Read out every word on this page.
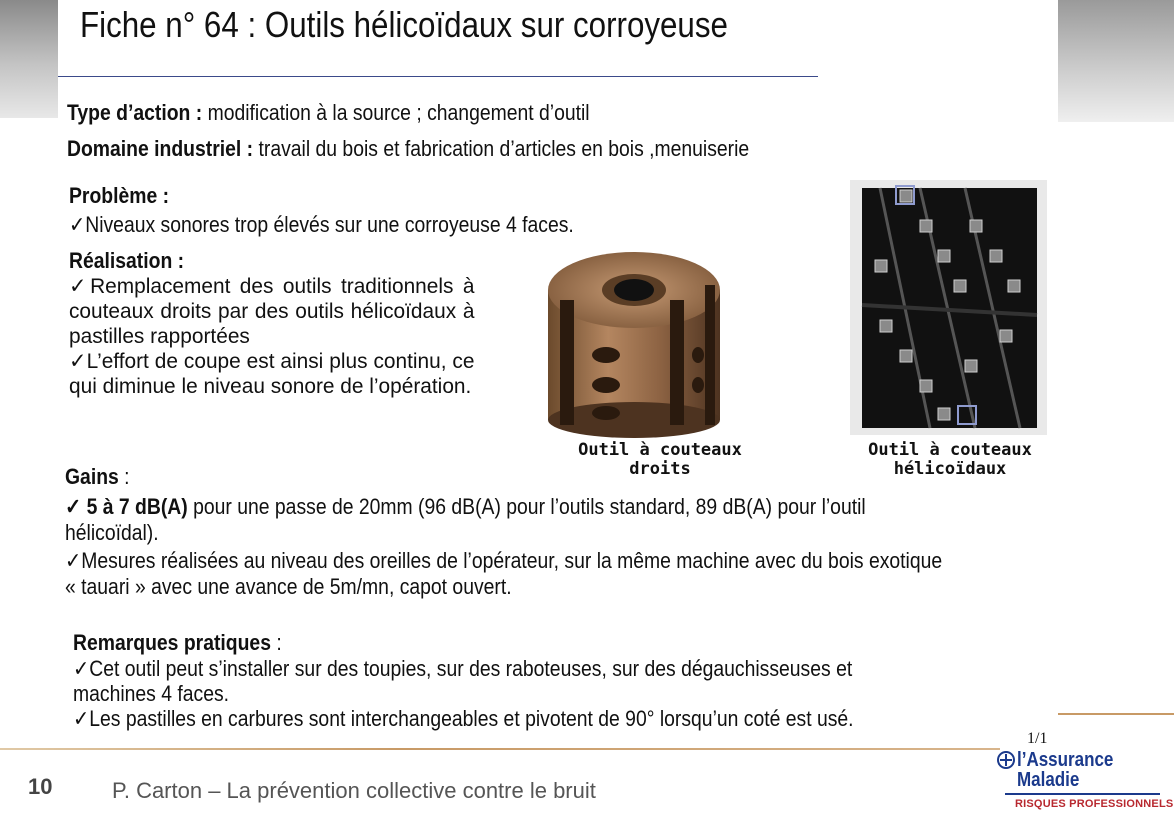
Fiche n° 64 : Outils hélicoïdaux sur corroyeuse
Type d’action : modification à la source ; changement d’outil
Domaine industriel : travail du bois et fabrication d’articles en bois ,menuiserie
Problème :
✓Niveaux sonores trop élevés sur une corroyeuse 4 faces.
Réalisation :
✓Remplacement des outils traditionnels à couteaux droits par des outils hélicoïdaux à pastilles rapportées
✓L’effort de coupe est ainsi plus continu, ce qui diminue le niveau sonore de l’opération.
Outil à couteaux
droits
Outil à couteaux
hélicoïdaux
Gains :
✓ 5 à 7 dB(A) pour une passe de 20mm (96 dB(A) pour l’outils standard, 89 dB(A) pour l’outil
hélicoïdal).
✓Mesures réalisées au niveau des oreilles de l’opérateur, sur la même machine avec du bois exotique
« tauari » avec une avance de 5m/mn, capot ouvert.
Remarques pratiques :
✓Cet outil peut s’installer sur des toupies, sur des raboteuses, sur des dégauchisseuses et
machines 4 faces.
✓Les pastilles en carbures sont interchangeables et pivotent de 90° lorsqu’un coté est usé.
1/1
10	P. Carton – La prévention collective contre le bruit
l’Assurance
Maladie
RISQUES PROFESSIONNELS
